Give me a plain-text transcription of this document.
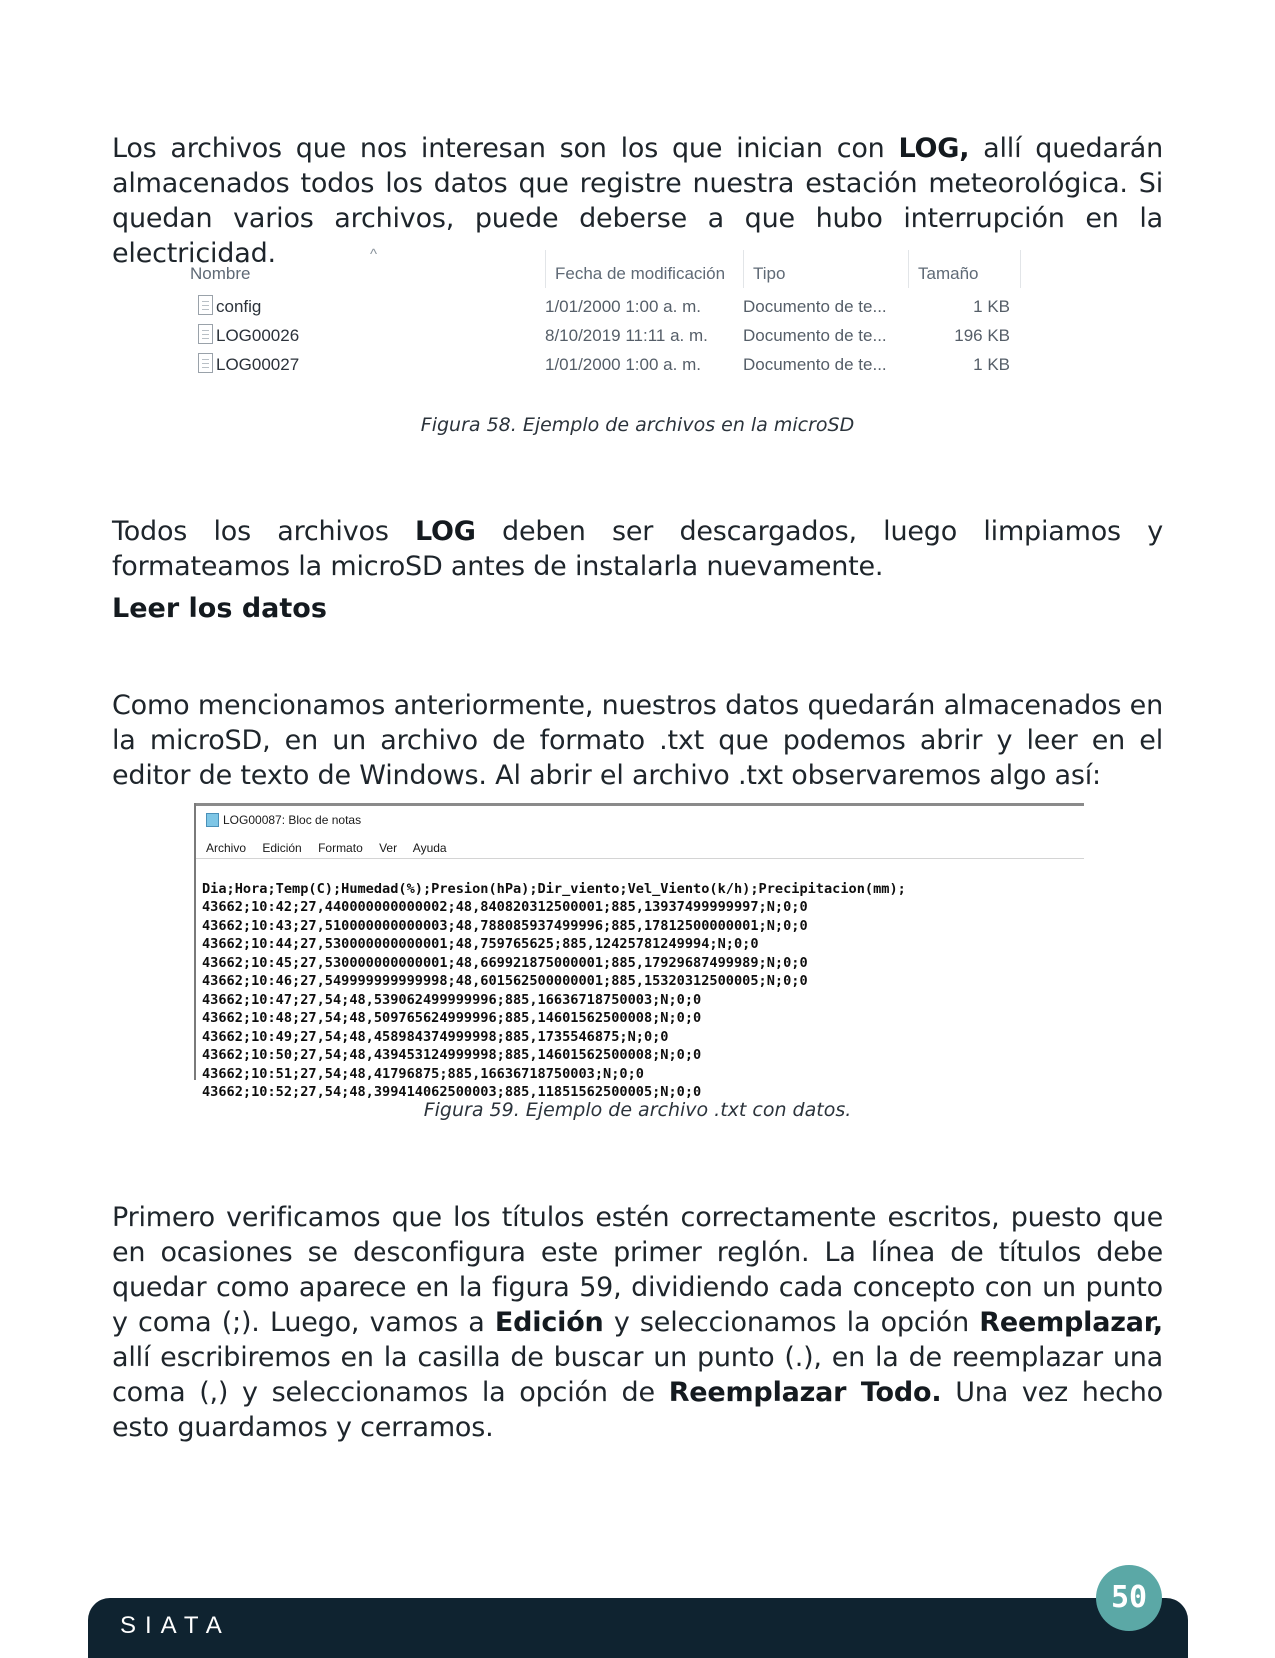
Los archivos que nos interesan son los que inician con LOG, allí quedarán almacenados todos los datos que registre nuestra estación meteorológica. Si quedan varios archivos, puede deberse a que hubo interrupción en la electricidad.	^
Nombre	Fecha de modificación Tipo	Tamaño
config	1/01/2000 1:00 a. m. Documento de te...	1 KB
LOG00026	8/10/2019 11:11 a. m. Documento de te...	196 KB
LOG00027	1/01/2000 1:00 a. m. Documento de te...	1 KB
Figura 58. Ejemplo de archivos en la microSD

Todos los archivos LOG deben ser descargados, luego limpiamos y formateamos la microSD antes de instalarla nuevamente.

Leer los datos

Como mencionamos anteriormente, nuestros datos quedarán almacenados en la microSD, en un archivo de formato .txt que podemos abrir y leer en el editor de texto de Windows. Al abrir el archivo .txt observaremos algo así:

LOG00087: Bloc de notas
Archivo Edición Formato Ver Ayuda

Dia;Hora;Temp(C);Humedad(%);Presion(hPa);Dir_viento;Vel_Viento(k/h);Precipitacion(mm);
43662;10:42;27,440000000000002;48,840820312500001;885,13937499999997;N;0;0
43662;10:43;27,510000000000003;48,788085937499996;885,17812500000001;N;0;0
43662;10:44;27,530000000000001;48,759765625;885,12425781249994;N;0;0
43662;10:45;27,530000000000001;48,669921875000001;885,17929687499989;N;0;0
43662;10:46;27,549999999999998;48,601562500000001;885,15320312500005;N;0;0
43662;10:47;27,54;48,539062499999996;885,16636718750003;N;0;0
43662;10:48;27,54;48,509765624999996;885,14601562500008;N;0;0
43662;10:49;27,54;48,458984374999998;885,1735546875;N;0;0
43662;10:50;27,54;48,439453124999998;885,14601562500008;N;0;0
43662;10:51;27,54;48,41796875;885,16636718750003;N;0;0
43662;10:52;27,54;48,399414062500003;885,11851562500005;N;0;0

Figura 59. Ejemplo de archivo .txt con datos.

Primero verificamos que los títulos estén correctamente escritos, puesto que en ocasiones se desconfigura este primer reglón. La línea de títulos debe quedar como aparece en la figura 59, dividiendo cada concepto con un punto y coma (;). Luego, vamos a Edición y seleccionamos la opción Reemplazar, allí escribiremos en la casilla de buscar un punto (.), en la de reemplazar una coma (,) y seleccionamos la opción de Reemplazar Todo. Una vez hecho esto guardamos y cerramos.

SIATA
50
